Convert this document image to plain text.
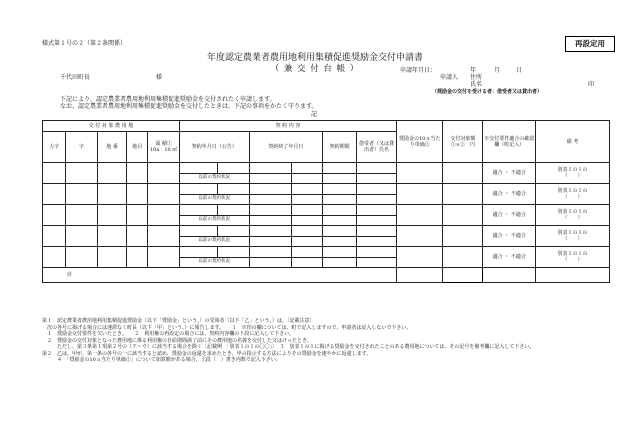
様式第１号の２（第２条関係）	再設定用
年度認定農業者農用地利用集積促進奨励金交付申請書
（ 兼 交 付 台 帳 ）	申請年月日：	年	月	日
千代田町長	様	申請人 住所
氏名	印
（奨励金の交付を受ける者：借受者又は貸出者）
下記により、認定農業者農用地利用集積促進奨励金を交付されたく申請します。
なお、認定農業者農用地利用集積促進奨励金を交付したときは、下記の事項をかたく守ります。
記
交 付 対 象 農 用 地					契 約 内 容						奨励金の10ａ当たり単価②	交付対象額①×②　円	※交付要件適合の確認欄（町記入）	備 考
大字	字	地 番	地目	面 積①
10a　10 ㎡	契約年月日（公告）		契約終了年月日		契約期間	借受者（又は貸出者）氏名				
													適合 ・ 不適合	別表１の１の
（　　）
					以前の契約状況									
													適合 ・ 不適合	別表１の１の
（　　）
					以前の契約状況									
													適合 ・ 不適合	別表１の１の
（　　）
					以前の契約状況									
													適合 ・ 不適合	別表１の１の
（　　）
					以前の契約状況									
													適合 ・ 不適合	別表１の１の
（　　）
					以前の契約状況									
計														
第１　認定農業者農用地利用集積促進奨励金（以下「奨励金」という。）の受領者（以下「乙」という。）は、〔記載注意〕
　次の各号に掲げる場合には速滞なく町長（以下「甲」という。）に報告します。　　１　※印の欄については、町で記入しますので、申請者は記入しないで下さい。
　１　奨励金交付要件を欠いたとき。　　２　利用権の再設定の場合には、契約内容欄の下段に記入して下さい。
　２　奨励金の交付対象となった農用地に係る利用権の自給期間満了前にその農用地の名義を交付した又はけったとき、
　　　ただし、第３条第１項第２号の（ア〜ウ）に該当する場合を除く〔記載例　「別表１の１の〇〇」〕　３　別表１の１に掲げる奨励金を交付されたことのある農用地については、その記号を備考欄に記入して下さい。
第２　乙は、甲が、第一条の各号の一に該当すると認め、奨励金の返還を求めたとき、甲の指示する方法によりその奨励金を速やかに返還します。
　　　４　「奨励金の10ａ当たり単価②」について加算額がある場合、上段（　）書き内数で記入下さい。
